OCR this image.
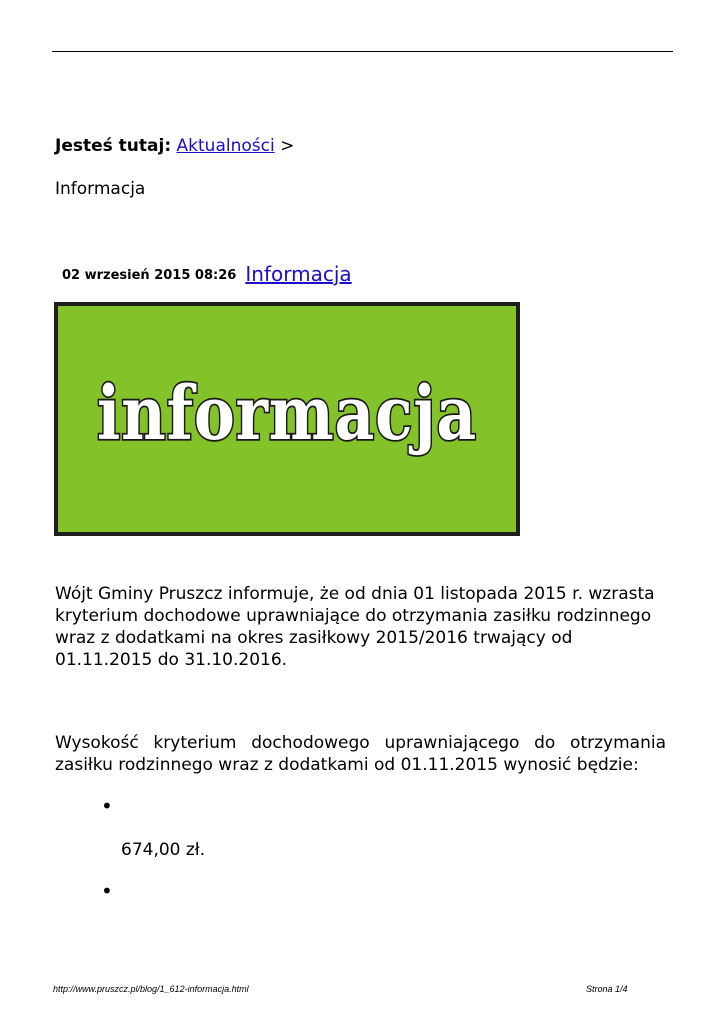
Jesteś tutaj: Aktualności >
Informacja
02 wrzesień 2015 08:26 Informacja
informacja
Wójt Gminy Pruszcz informuje, że od dnia 01 listopada 2015 r. wzrasta kryterium dochodowe uprawniające do otrzymania zasiłku rodzinnego wraz z dodatkami na okres zasiłkowy 2015/2016 trwający od 01.11.2015 do 31.10.2016.
Wysokość kryterium dochodowego uprawniającego do otrzymania zasiłku rodzinnego wraz z dodatkami od 01.11.2015 wynosić będzie:
•
674,00 zł.
•
http://www.pruszcz.pl/blog/1_612-informacja.html	Strona 1/4
